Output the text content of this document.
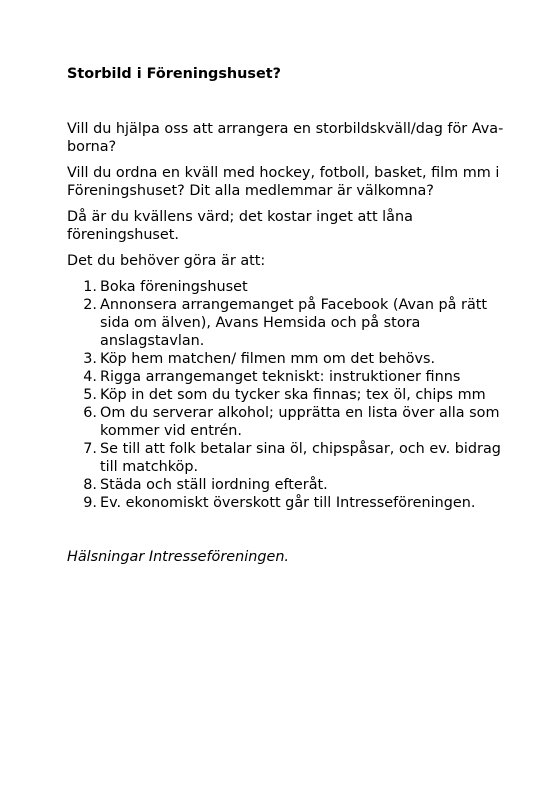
Storbild i Föreningshuset?

Vill du hjälpa oss att arrangera en storbildskväll/dag för Ava-borna?

Vill du ordna en kväll med hockey, fotboll, basket, film mm i Föreningshuset? Dit alla medlemmar är välkomna?

Då är du kvällens värd; det kostar inget att låna föreningshuset.

Det du behöver göra är att:

1. Boka föreningshuset
2. Annonsera arrangemanget på Facebook (Avan på rätt sida om älven), Avans Hemsida och på stora anslagstavlan.
3. Köp hem matchen/ filmen mm om det behövs.
4. Rigga arrangemanget tekniskt: instruktioner finns
5. Köp in det som du tycker ska finnas; tex öl, chips mm
6. Om du serverar alkohol; upprätta en lista över alla som kommer vid entrén.
7. Se till att folk betalar sina öl, chipspåsar, och ev. bidrag till matchköp.
8. Städa och ställ iordning efteråt.
9. Ev. ekonomiskt överskott går till Intresseföreningen.

Hälsningar Intresseföreningen.
